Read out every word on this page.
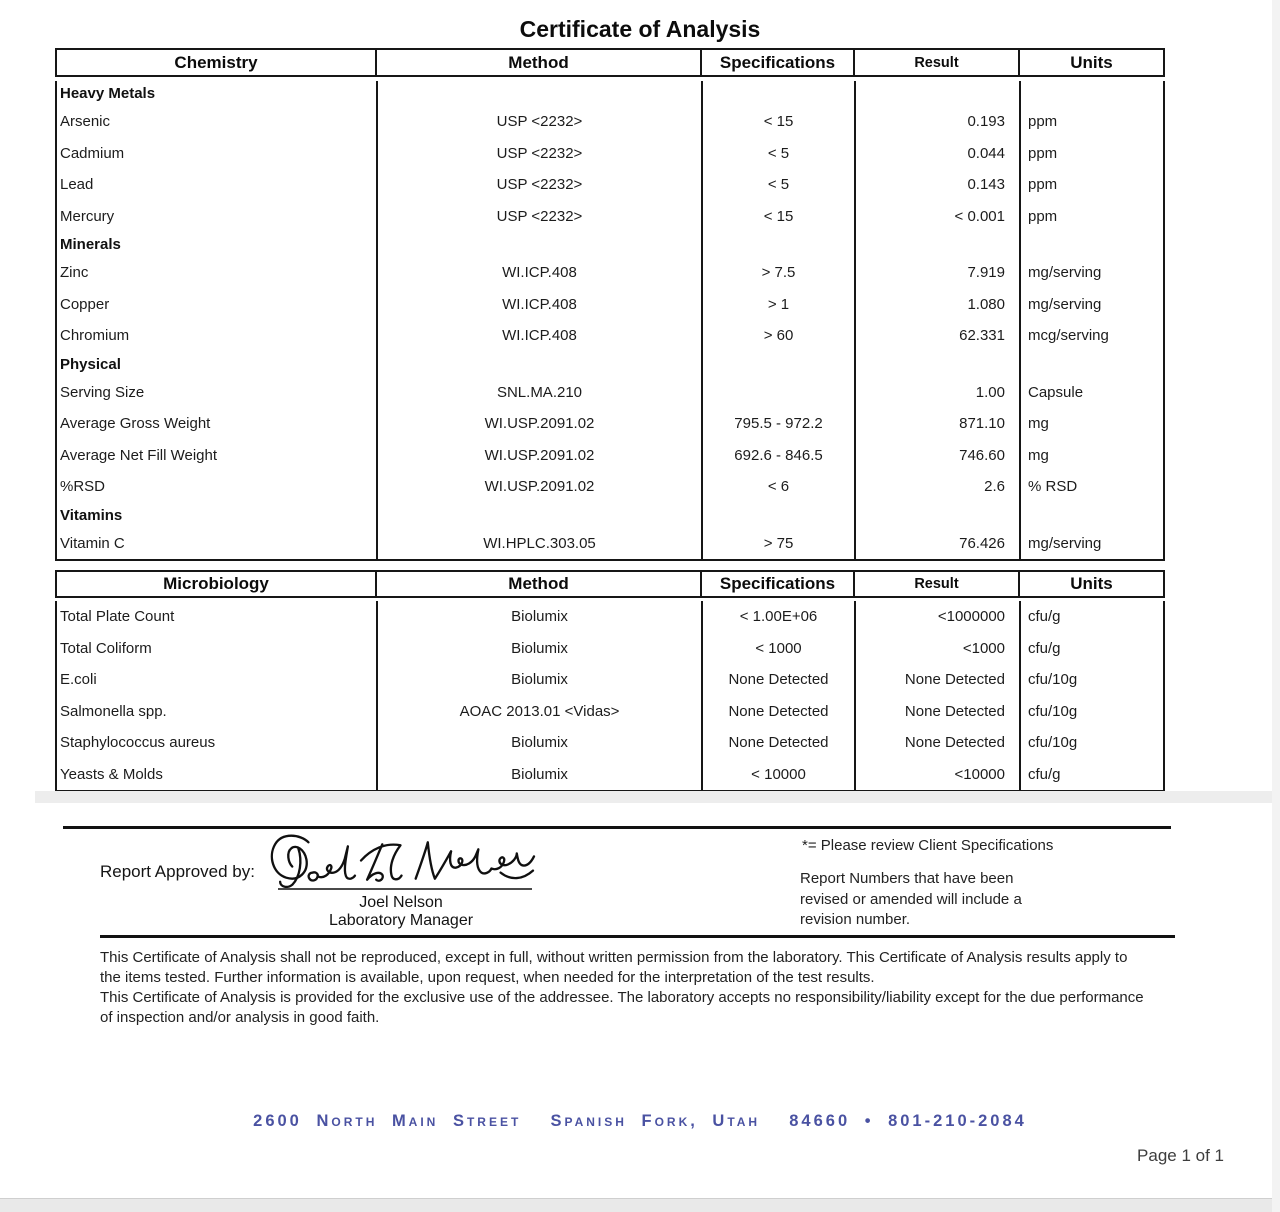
Certificate of Analysis
Chemistry	Method	Specifications	Result	Units
Heavy Metals				
Arsenic	USP <2232>	< 15	0.193	ppm
Cadmium	USP <2232>	< 5	0.044	ppm
Lead	USP <2232>	< 5	0.143	ppm
Mercury	USP <2232>	< 15	< 0.001	ppm
Minerals				
Zinc	WI.ICP.408	> 7.5	7.919	mg/serving
Copper	WI.ICP.408	> 1	1.080	mg/serving
Chromium	WI.ICP.408	> 60	62.331	mcg/serving
Physical				
Serving Size	SNL.MA.210		1.00	Capsule
Average Gross Weight	WI.USP.2091.02	795.5 - 972.2	871.10	mg
Average Net Fill Weight	WI.USP.2091.02	692.6 - 846.5	746.60	mg
%RSD	WI.USP.2091.02	< 6	2.6	% RSD
Vitamins				
Vitamin C	WI.HPLC.303.05	> 75	76.426	mg/serving
Microbiology	Method	Specifications	Result	Units
Total Plate Count	Biolumix	< 1.00E+06	<1000000	cfu/g
Total Coliform	Biolumix	< 1000	<1000	cfu/g
E.coli	Biolumix	None Detected	None Detected	cfu/10g
Salmonella spp.	AOAC 2013.01 <Vidas>	None Detected	None Detected	cfu/10g
Staphylococcus aureus	Biolumix	None Detected	None Detected	cfu/10g
Yeasts & Molds	Biolumix	< 10000	<10000	cfu/g
Report Approved by:
Joel Nelson
Laboratory Manager
*= Please review Client Specifications
Report Numbers that have been revised or amended will include a revision number.

This Certificate of Analysis shall not be reproduced, except in full, without written permission from the laboratory. This Certificate of Analysis results apply to the items tested. Further information is available, upon request, when needed for the interpretation of the test results.

This Certificate of Analysis is provided for the exclusive use of the addressee. The laboratory accepts no responsibility/liability except for the due performance of inspection and/or analysis in good faith.

2600 North Main Street  Spanish Fork, Utah  84660 • 801-210-2084
Page 1 of 1
